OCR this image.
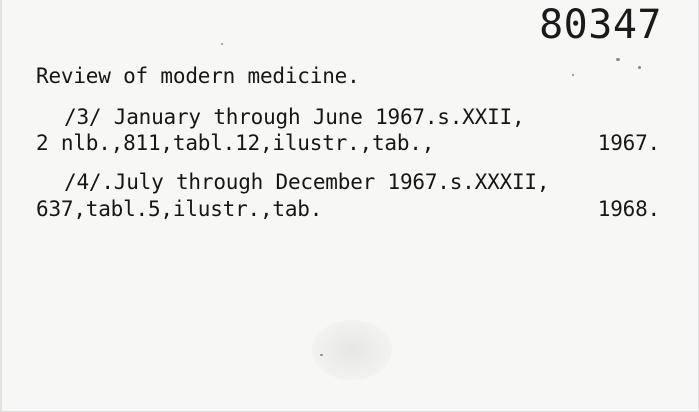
80347
Review of modern medicine.
/3/ January through June 1967.s.XXII,
2 nlb.,811,tabl.12,ilustr.,tab.,	1967.
/4/.July through December 1967.s.XXXII,
637,tabl.5,ilustr.,tab.	1968.
